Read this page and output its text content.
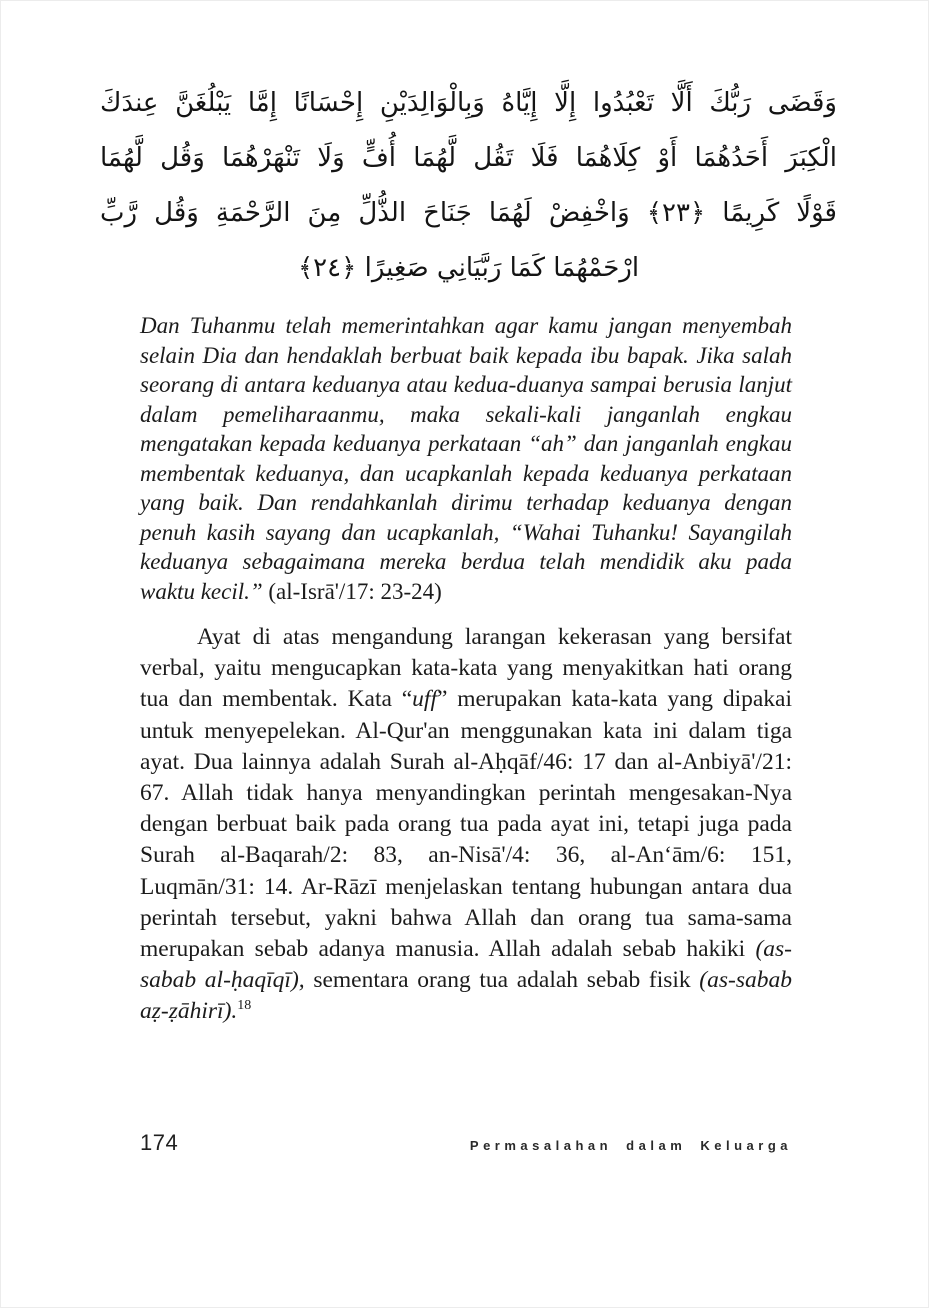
وَقَضَى رَبُّكَ أَلَّا تَعْبُدُوا إِلَّا إِيَّاهُ وَبِالْوَالِدَيْنِ إِحْسَانًا إِمَّا يَبْلُغَنَّ عِندَكَ
الْكِبَرَ أَحَدُهُمَا أَوْ كِلَاهُمَا فَلَا تَقُل لَّهُمَا أُفٍّ وَلَا تَنْهَرْهُمَا وَقُل لَّهُمَا
قَوْلًا كَرِيمًا ﴿٢٣﴾ وَاخْفِضْ لَهُمَا جَنَاحَ الذُّلِّ مِنَ الرَّحْمَةِ وَقُل رَّبِّ
ارْحَمْهُمَا كَمَا رَبَّيَانِي صَغِيرًا ﴿٢٤﴾

Dan Tuhanmu telah memerintahkan agar kamu jangan menyembah selain Dia dan hendaklah berbuat baik kepada ibu bapak. Jika salah seorang di antara keduanya atau kedua-duanya sampai berusia lanjut dalam pemeliharaanmu, maka sekali-kali janganlah engkau mengatakan kepada keduanya perkataan “ah” dan janganlah engkau membentak keduanya, dan ucapkanlah kepada keduanya perkataan yang baik. Dan rendahkanlah dirimu terhadap keduanya dengan penuh kasih sayang dan ucapkanlah, “Wahai Tuhanku! Sayangilah keduanya sebagaimana mereka berdua telah mendidik aku pada waktu kecil.” (al-Isrā'/17: 23-24)

Ayat di atas mengandung larangan kekerasan yang bersifat verbal, yaitu mengucapkan kata-kata yang menyakitkan hati orang tua dan membentak. Kata “uff” merupakan kata-kata yang dipakai untuk menyepelekan. Al-Qur'an menggunakan kata ini dalam tiga ayat. Dua lainnya adalah Surah al-Aḥqāf/46: 17 dan al-Anbiyā'/21: 67. Allah tidak hanya menyandingkan perintah mengesakan-Nya dengan berbuat baik pada orang tua pada ayat ini, tetapi juga pada Surah al-Baqarah/2: 83, an-Nisā'/4: 36, al-An‘ām/6: 151, Luqmān/31: 14. Ar-Rāzī menjelaskan tentang hubungan antara dua perintah tersebut, yakni bahwa Allah dan orang tua sama-sama merupakan sebab adanya manusia. Allah adalah sebab hakiki (as-sabab al-ḥaqīqī), sementara orang tua adalah sebab fisik (as-sabab aẓ-ẓāhirī).$^{18}$

174	Permasalahan dalam Keluarga
